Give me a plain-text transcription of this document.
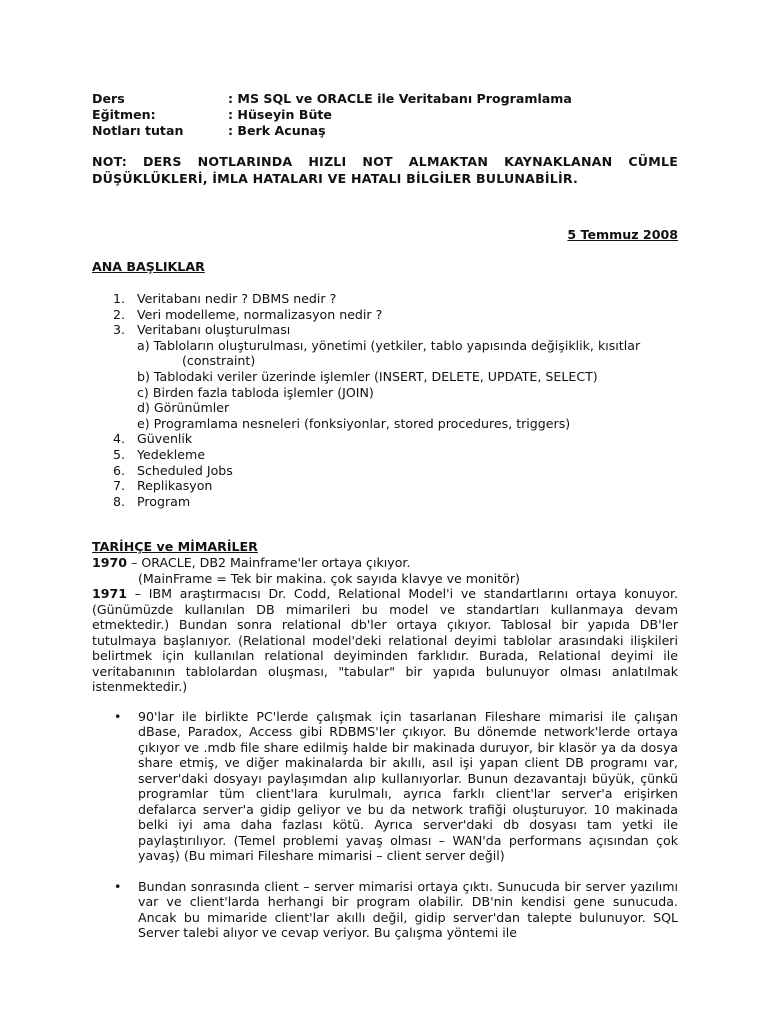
Ders	: MS SQL ve ORACLE ile Veritabanı Programlama
Eğitmen:	: Hüseyin Büte
Notları tutan	: Berk Acunaş
NOT: DERS NOTLARINDA HIZLI NOT ALMAKTAN KAYNAKLANAN CÜMLE DÜŞÜKLÜKLERİ, İMLA HATALARI VE HATALI BİLGİLER BULUNABİLİR.
5 Temmuz 2008
ANA BAŞLIKLAR
1. Veritabanı nedir ? DBMS nedir ?
2. Veri modelleme, normalizasyon nedir ?
3. Veritabanı oluşturulması
a) Tabloların oluşturulması, yönetimi (yetkiler, tablo yapısında değişiklik, kısıtlar
(constraint)
b) Tablodaki veriler üzerinde işlemler (INSERT, DELETE, UPDATE, SELECT)
c) Birden fazla tabloda işlemler (JOIN)
d) Görünümler
e) Programlama nesneleri (fonksiyonlar, stored procedures, triggers)
4. Güvenlik
5. Yedekleme
6. Scheduled Jobs
7. Replikasyon
8. Program
TARİHÇE ve MİMARİLER
1970 – ORACLE, DB2 Mainframe'ler ortaya çıkıyor.
(MainFrame = Tek bir makina. çok sayıda klavye ve monitör)
1971 – IBM araştırmacısı Dr. Codd, Relational Model'i ve standartlarını ortaya konuyor. (Günümüzde kullanılan DB mimarileri bu model ve standartları kullanmaya devam etmektedir.) Bundan sonra relational db'ler ortaya çıkıyor. Tablosal bir yapıda DB'ler tutulmaya başlanıyor. (Relational model'deki relational deyimi tablolar arasındaki ilişkileri belirtmek için kullanılan relational deyiminden farklıdır. Burada, Relational deyimi ile veritabanının tablolardan oluşması, "tabular" bir yapıda bulunuyor olması anlatılmak istenmektedir.)
• 90'lar ile birlikte PC'lerde çalışmak için tasarlanan Fileshare mimarisi ile çalışan dBase, Paradox, Access gibi RDBMS'ler çıkıyor. Bu dönemde network'lerde ortaya çıkıyor ve .mdb file share edilmiş halde bir makinada duruyor, bir klasör ya da dosya share etmiş, ve diğer makinalarda bir akıllı, asıl işi yapan client DB programı var, server'daki dosyayı paylaşımdan alıp kullanıyorlar. Bunun dezavantajı büyük, çünkü programlar tüm client'lara kurulmalı, ayrıca farklı client'lar server'a erişirken defalarca server'a gidip geliyor ve bu da network trafiği oluşturuyor. 10 makinada belki iyi ama daha fazlası kötü. Ayrıca server'daki db dosyası tam yetki ile paylaştırılıyor. (Temel problemi yavaş olması – WAN'da performans açısından çok yavaş) (Bu mimari Fileshare mimarisi – client server değil)
• Bundan sonrasında client – server mimarisi ortaya çıktı. Sunucuda bir server yazılımı var ve client'larda herhangi bir program olabilir. DB'nin kendisi gene sunucuda. Ancak bu mimaride client'lar akıllı değil, gidip server'dan talepte bulunuyor. SQL Server talebi alıyor ve cevap veriyor. Bu çalışma yöntemi ile
